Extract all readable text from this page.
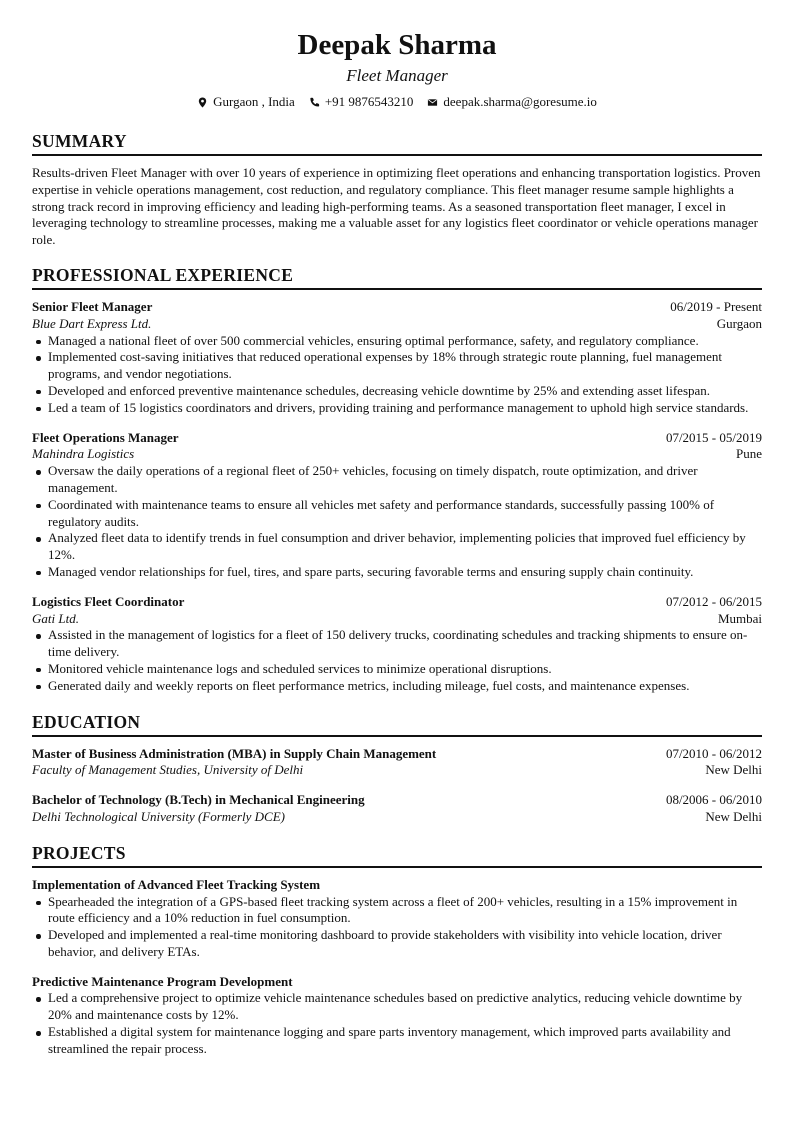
Deepak Sharma
Fleet Manager
Gurgaon , India +91 9876543210 deepak.sharma@goresume.io
SUMMARY

Results-driven Fleet Manager with over 10 years of experience in optimizing fleet operations and enhancing transportation logistics. Proven expertise in vehicle operations management, cost reduction, and regulatory compliance. This fleet manager resume sample highlights a strong track record in improving efficiency and leading high-performing teams. As a seasoned transportation fleet manager, I excel in leveraging technology to streamline processes, making me a valuable asset for any logistics fleet coordinator or vehicle operations manager role.

PROFESSIONAL EXPERIENCE
Senior Fleet Manager	06/2019 - Present
Blue Dart Express Ltd.	Gurgaon
Managed a national fleet of over 500 commercial vehicles, ensuring optimal performance, safety, and regulatory compliance.
Implemented cost-saving initiatives that reduced operational expenses by 18% through strategic route planning, fuel management programs, and vendor negotiations.
Developed and enforced preventive maintenance schedules, decreasing vehicle downtime by 25% and extending asset lifespan.
Led a team of 15 logistics coordinators and drivers, providing training and performance management to uphold high service standards.
Fleet Operations Manager	07/2015 - 05/2019
Mahindra Logistics	Pune
Oversaw the daily operations of a regional fleet of 250+ vehicles, focusing on timely dispatch, route optimization, and driver management.
Coordinated with maintenance teams to ensure all vehicles met safety and performance standards, successfully passing 100% of regulatory audits.
Analyzed fleet data to identify trends in fuel consumption and driver behavior, implementing policies that improved fuel efficiency by 12%.
Managed vendor relationships for fuel, tires, and spare parts, securing favorable terms and ensuring supply chain continuity.
Logistics Fleet Coordinator	07/2012 - 06/2015
Gati Ltd.	Mumbai
Assisted in the management of logistics for a fleet of 150 delivery trucks, coordinating schedules and tracking shipments to ensure on-time delivery.
Monitored vehicle maintenance logs and scheduled services to minimize operational disruptions.
Generated daily and weekly reports on fleet performance metrics, including mileage, fuel costs, and maintenance expenses.
EDUCATION
Master of Business Administration (MBA) in Supply Chain Management	07/2010 - 06/2012
Faculty of Management Studies, University of Delhi	New Delhi
Bachelor of Technology (B.Tech) in Mechanical Engineering	08/2006 - 06/2010
Delhi Technological University (Formerly DCE)	New Delhi
PROJECTS
Implementation of Advanced Fleet Tracking System
Spearheaded the integration of a GPS-based fleet tracking system across a fleet of 200+ vehicles, resulting in a 15% improvement in route efficiency and a 10% reduction in fuel consumption.
Developed and implemented a real-time monitoring dashboard to provide stakeholders with visibility into vehicle location, driver behavior, and delivery ETAs.
Predictive Maintenance Program Development
Led a comprehensive project to optimize vehicle maintenance schedules based on predictive analytics, reducing vehicle downtime by 20% and maintenance costs by 12%.
Established a digital system for maintenance logging and spare parts inventory management, which improved parts availability and streamlined the repair process.
